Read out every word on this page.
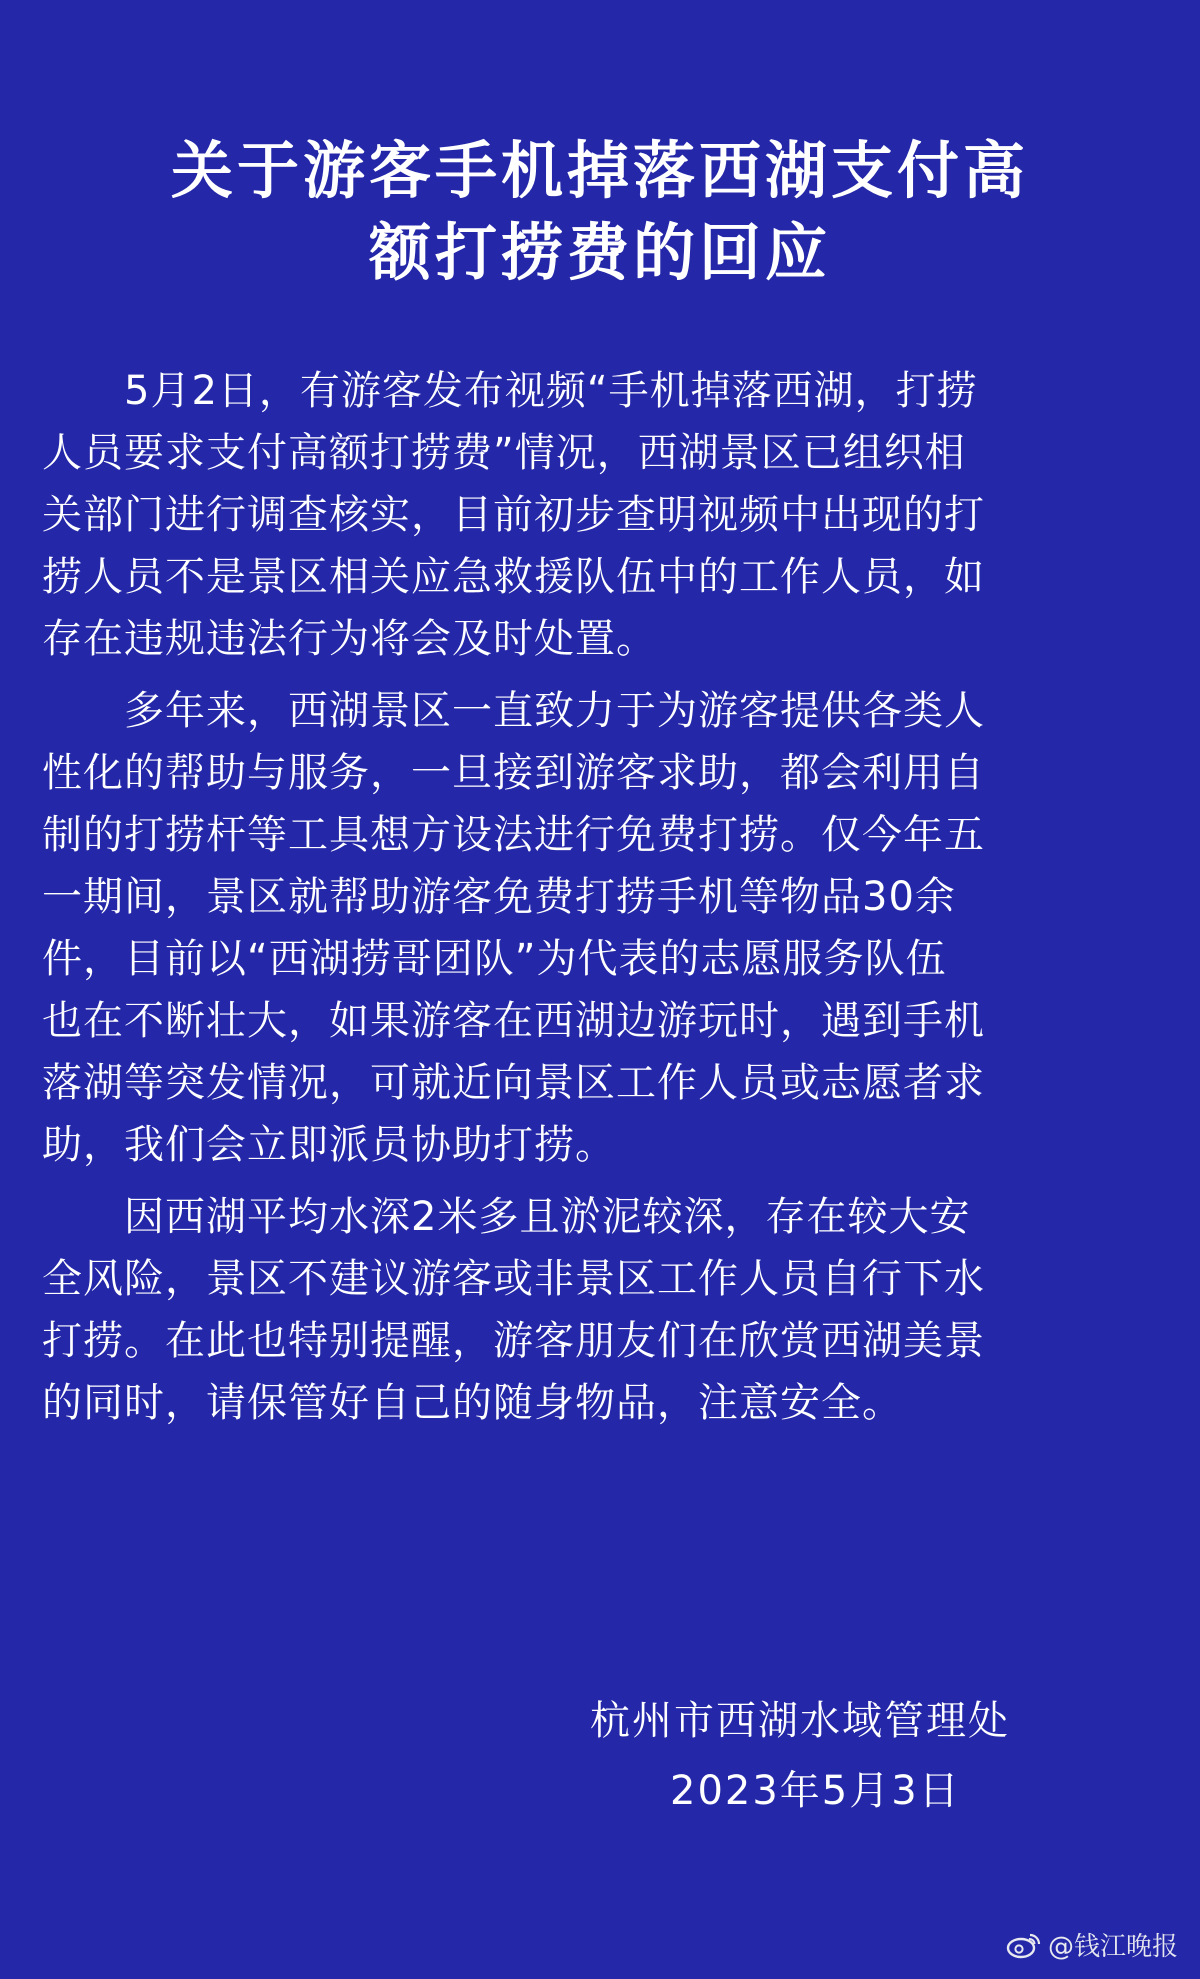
关于游客手机掉落西湖支付高
额打捞费的回应
　　5月2日，有游客发布视频“手机掉落西湖，打捞
人员要求支付高额打捞费”情况，西湖景区已组织相
关部门进行调查核实，目前初步查明视频中出现的打
捞人员不是景区相关应急救援队伍中的工作人员，如
存在违规违法行为将会及时处置。
　　多年来，西湖景区一直致力于为游客提供各类人
性化的帮助与服务，一旦接到游客求助，都会利用自
制的打捞杆等工具想方设法进行免费打捞。仅今年五
一期间，景区就帮助游客免费打捞手机等物品30余
件，目前以“西湖捞哥团队”为代表的志愿服务队伍
也在不断壮大，如果游客在西湖边游玩时，遇到手机
落湖等突发情况，可就近向景区工作人员或志愿者求
助，我们会立即派员协助打捞。
　　因西湖平均水深2米多且淤泥较深，存在较大安
全风险，景区不建议游客或非景区工作人员自行下水
打捞。在此也特别提醒，游客朋友们在欣赏西湖美景
的同时，请保管好自己的随身物品，注意安全。
杭州市西湖水域管理处
2023年5月3日
@钱江晚报
